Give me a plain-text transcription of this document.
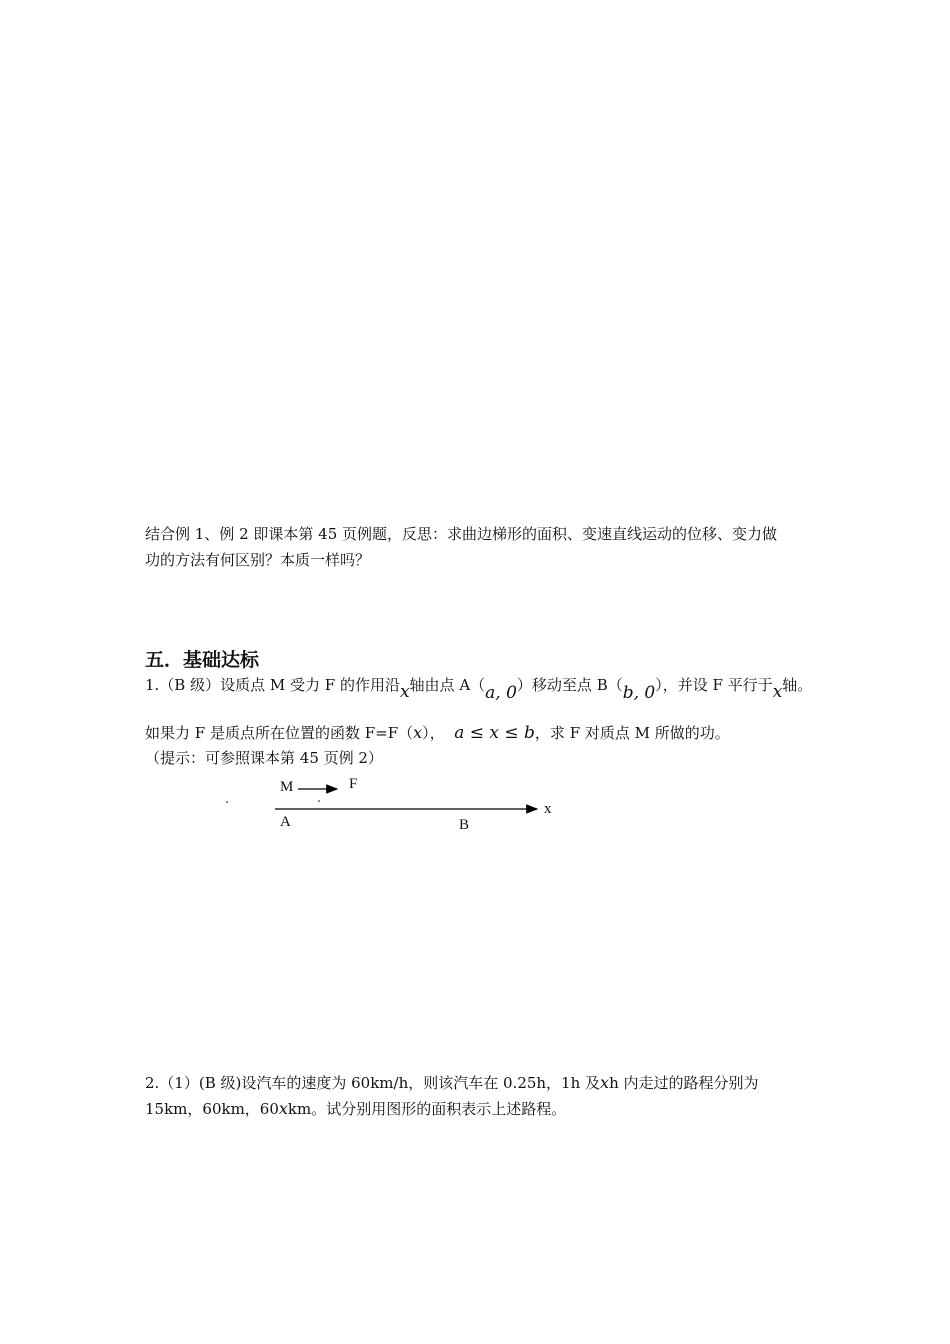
结合例 1、例 2 即课本第 45 页例题，反思：求曲边梯形的面积、变速直线运动的位移、变力做
功的方法有何区别？本质一样吗？
五．基础达标
1.（B 级）设质点 M 受力 F 的作用沿x轴由点 A（a, 0）移动至点 B（b, 0），并设 F 平行于x轴。
如果力 F 是质点所在位置的函数 F=F（x）， a ≤ x ≤ b，求 F 对质点 M 所做的功。
（提示：可参照课本第 45 页例 2）
M	F
x
A	B
2.（1）(B 级)设汽车的速度为 60km/h，则该汽车在 0.25h，1h 及xh 内走过的路程分别为
15km，60km，60xkm。试分别用图形的面积表示上述路程。
